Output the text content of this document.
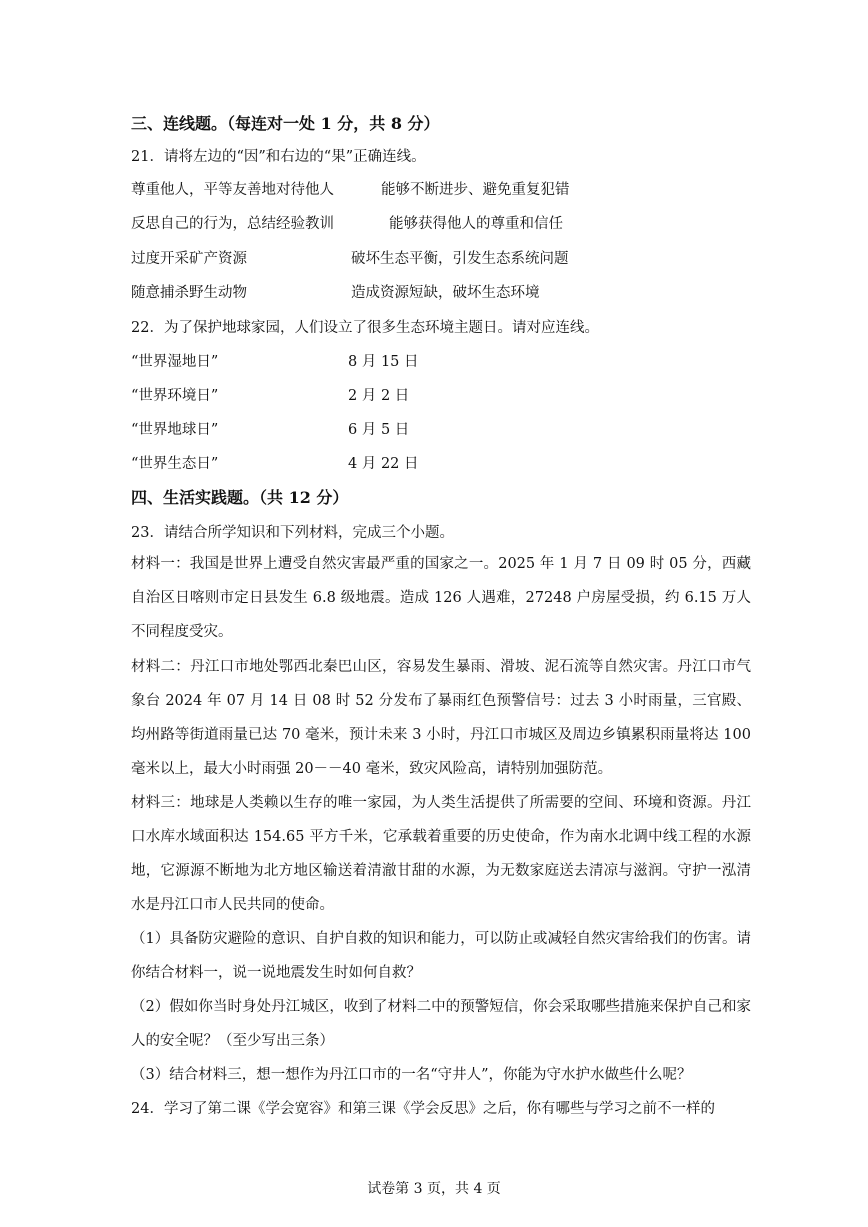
三、连线题。（每连对一处 1 分，共 8 分）
21．请将左边的“因”和右边的“果”正确连线。
尊重他人，平等友善地对待他人	能够不断进步、避免重复犯错
反思自己的行为，总结经验教训	能够获得他人的尊重和信任
过度开采矿产资源	破坏生态平衡，引发生态系统问题
随意捕杀野生动物	造成资源短缺，破坏生态环境
22．为了保护地球家园，人们设立了很多生态环境主题日。请对应连线。
“世界湿地日”	8 月 15 日
“世界环境日”	2 月 2 日
“世界地球日”	6 月 5 日
“世界生态日”	4 月 22 日
四、生活实践题。（共 12 分）
23．请结合所学知识和下列材料，完成三个小题。
材料一：我国是世界上遭受自然灾害最严重的国家之一。2025 年 1 月 7 日 09 时 05 分，西藏自治区日喀则市定日县发生 6.8 级地震。造成 126 人遇难，27248 户房屋受损，约 6.15 万人不同程度受灾。
材料二：丹江口市地处鄂西北秦巴山区，容易发生暴雨、滑坡、泥石流等自然灾害。丹江口市气象台 2024 年 07 月 14 日 08 时 52 分发布了暴雨红色预警信号：过去 3 小时雨量，三官殿、均州路等街道雨量已达 70 毫米，预计未来 3 小时，丹江口市城区及周边乡镇累积雨量将达 100 毫米以上，最大小时雨强 20－－40 毫米，致灾风险高，请特别加强防范。
材料三：地球是人类赖以生存的唯一家园，为人类生活提供了所需要的空间、环境和资源。丹江口水库水域面积达 154.65 平方千米，它承载着重要的历史使命，作为南水北调中线工程的水源地，它源源不断地为北方地区输送着清澈甘甜的水源，为无数家庭送去清凉与滋润。守护一泓清水是丹江口市人民共同的使命。
（1）具备防灾避险的意识、自护自救的知识和能力，可以防止或减轻自然灾害给我们的伤害。请你结合材料一，说一说地震发生时如何自救？
（2）假如你当时身处丹江城区，收到了材料二中的预警短信，你会采取哪些措施来保护自己和家人的安全呢？（至少写出三条）
（3）结合材料三，想一想作为丹江口市的一名“守井人”，你能为守水护水做些什么呢？
24．学习了第二课《学会宽容》和第三课《学会反思》之后，你有哪些与学习之前不一样的
试卷第 3 页，共 4 页
